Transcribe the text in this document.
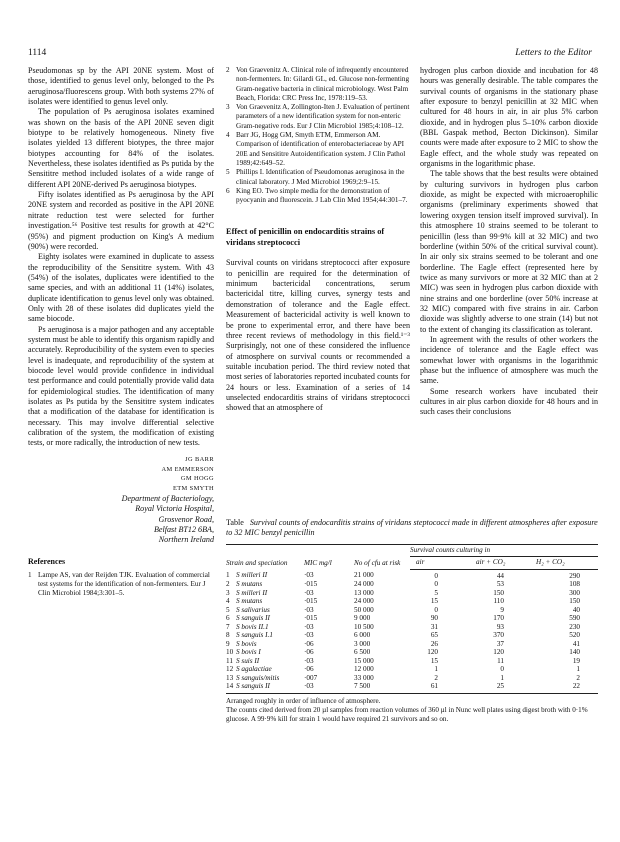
1114	Letters to the Editor

Pseudomonas sp by the API 20NE system. Most of those, identified to genus level only, belonged to the Ps aeruginosa/fluorescens group. With both systems 27% of isolates were identified to genus level only.

The population of Ps aeruginosa isolates examined was shown on the basis of the API 20NE seven digit biotype to be relatively homogeneous. Ninety five isolates yielded 13 different biotypes, the three major biotypes accounting for 84% of the isolates. Nevertheless, these isolates identified as Ps putida by the Sensititre method included isolates of a wide range of different API 20NE-derived Ps aeruginosa biotypes.

Fifty isolates identified as Ps aeruginosa by the API 20NE system and recorded as positive in the API 20NE nitrate reduction test were selected for further investigation.⁵⁶ Positive test results for growth at 42°C (95%) and pigment production on King's A medium (90%) were recorded.

Eighty isolates were examined in duplicate to assess the reproducibility of the Sensititre system. With 43 (54%) of the isolates, duplicates were identified to the same species, and with an additional 11 (14%) isolates, duplicate identification to genus level only was obtained. Only with 28 of these isolates did duplicates yield the same biocode.

Ps aeruginosa is a major pathogen and any acceptable system must be able to identify this organism rapidly and accurately. Reproducibility of the system even to species level is inadequate, and reproducibility of the system at biocode level would provide confidence in individual test performance and could potentially provide valid data for epidemiological studies. The identification of many isolates as Ps putida by the Sensititre system indicates that a modification of the database for identification is necessary. This may involve differential selective calibration of the system, the modification of existing tests, or more radically, the introduction of new tests.

JG BARR
AM EMMERSON
GM HOGG
ETM SMYTH
Department of Bacteriology,
Royal Victoria Hospital,
Grosvenor Road,
Belfast BT12 6BA,
Northern Ireland
References
1 Lampe AS, van der Reijden TJK. Evaluation of commercial test systems for the identification of non-fermenters. Eur J Clin Microbiol 1984;3:301–5.
2 Von Graevenitz A. Clinical role of infrequently encountered non-fermenters. In: Gilardi GL, ed. Glucose non-fermenting Gram-negative bacteria in clinical microbiology. West Palm Beach, Florida: CRC Press Inc, 1978:119–53.
3 Von Graevenitz A, Zollington-Iten J. Evaluation of pertinent parameters of a new identification system for non-enteric Gram-negative rods. Eur J Clin Microbiol 1985;4:108–12.
4 Barr JG, Hogg GM, Smyth ETM, Emmerson AM. Comparison of identification of enterobacteriaceae by API 20E and Sensititre Autoidentification system. J Clin Pathol 1989;42:649–52.
5 Phillips I. Identification of Pseudomonas aeruginosa in the clinical laboratory. J Med Microbiol 1969;2:9–15.
6 King EO. Two simple media for the demonstration of pyocyanin and fluorescein. J Lab Clin Med 1954;44:301–7.
Effect of penicillin on endocarditis strains of viridans streptococci

Survival counts on viridans streptococci after exposure to penicillin are required for the determination of minimum bactericidal concentrations, serum bactericidal titre, killing curves, synergy tests and demonstration of tolerance and the Eagle effect. Measurement of bactericidal activity is well known to be prone to experimental error, and there have been three recent reviews of methodology in this field.¹⁻³ Surprisingly, not one of these considered the influence of atmosphere on survival counts or recommended a suitable incubation period. The third review noted that most series of laboratories reported incubated counts for 24 hours or less. Examination of a series of 14 unselected endocarditis strains of viridans streptococci showed that an atmosphere of

hydrogen plus carbon dioxide and incubation for 48 hours was generally desirable. The table compares the survival counts of organisms in the stationary phase after exposure to benzyl penicillin at 32 MIC when cultured for 48 hours in air, in air plus 5% carbon dioxide, and in hydrogen plus 5–10% carbon dioxide (BBL Gaspak method, Becton Dickinson). Similar counts were made after exposure to 2 MIC to show the Eagle effect, and the whole study was repeated on organisms in the logarithmic phase.

The table shows that the best results were obtained by culturing survivors in hydrogen plus carbon dioxide, as might be expected with microaerophilic organisms (preliminary experiments showed that lowering oxygen tension itself improved survival). In this atmosphere 10 strains seemed to be tolerant to penicillin (less than 99·9% kill at 32 MIC) and two borderline (within 50% of the critical survival count). In air only six strains seemed to be tolerant and one borderline. The Eagle effect (represented here by twice as many survivors or more at 32 MIC than at 2 MIC) was seen in hydrogen plus carbon dioxide with nine strains and one borderline (over 50% increase at 32 MIC) compared with five strains in air. Carbon dioxide was slightly adverse to one strain (14) but not to the extent of changing its classification as tolerant.

In agreement with the results of other workers the incidence of tolerance and the Eagle effect was somewhat lower with organisms in the logarithmic phase but the influence of atmosphere was much the same.

Some research workers have incubated their cultures in air plus carbon dioxide for 48 hours and in such cases their conclusions

Table Survival counts of endocarditis strains of viridans steptococci made in different atmospheres after exposure to 32 MIC benzyl penicillin
Strain and speciation	MIC mg/l	No of cfu at risk	Survival counts culturing in		
			air	air + CO₂	H₂ + CO₂
1 S milleri II	·03	21 000	0	44	290
2 S mutans	·015	24 000	0	53	108
3 S milleri II	·03	13 000	5	150	300
4 S mutans	·015	24 000	15	110	150
5 S salivarius	·03	50 000	0	9	40
6 S sanguis II	·015	9 000	90	170	590
7 S bovis II.1	·03	10 500	31	93	230
8 S sanguis I.1	·03	6 000	65	370	520
9 S bovis	·06	3 000	26	37	41
10 S bovis I	·06	6 500	120	120	140
11 S suis II	·03	15 000	15	11	19
12 S agalactiae	·06	12 000	1	0	1
13 S sanguis/mitis	·007	33 000	2	1	2
14 S sanguis II	·03	7 500	61	25	22
Arranged roughly in order of influence of atmosphere.
The counts cited derived from 20 µl samples from reaction volumes of 360 µl in Nunc well plates using digest broth with 0·1% glucose. A 99·9% kill for strain 1 would have required 21 survivors and so on.
